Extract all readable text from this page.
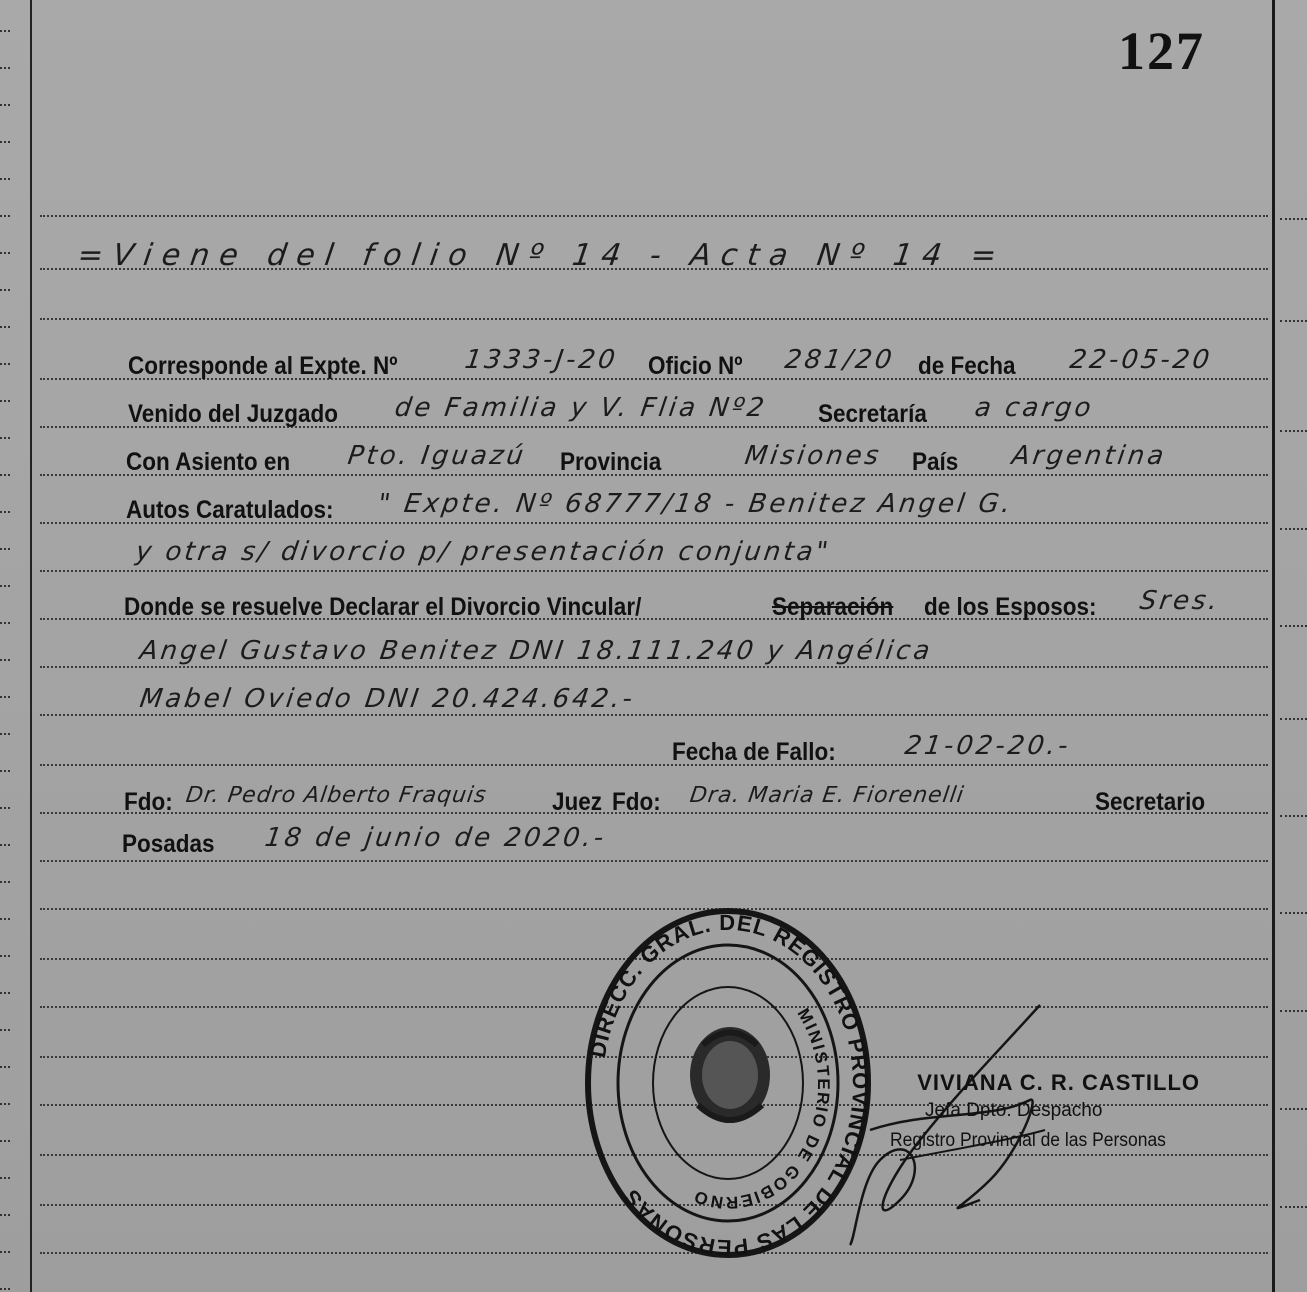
127
=Viene del folio Nº 14 - Acta Nº 14 =
Corresponde al Expte. Nº	1333-J-20 Oficio Nº 281/20 de Fecha 22-05-20
Venido del Juzgado de Familia y V. Flia Nº2 Secretaría a cargo
Con Asiento en Pto. Iguazú Provincia	Misiones País Argentina
Autos Caratulados: " Expte. Nº 68777/18 - Benitez Angel G.
y otra s/ divorcio p/ presentación conjunta"
Donde se resuelve Declarar el Divorcio Vincular/	Separación de los Esposos: Sres.
Angel Gustavo Benitez DNI 18.111.240 y Angélica
Mabel Oviedo DNI 20.424.642.-
Fecha de Fallo:	21-02-20.-
Fdo: Dr. Pedro Alberto Fraquis	Juez Fdo: Dra. Maria E. Fiorenelli	Secretario
Posadas 18 de junio de 2020.-
DIRECC. GRAL. DEL REGISTRO PROVINCIAL DE LAS PERSONAS
MINISTERIO DE GOBIERNO
VIVIANA C. R. CASTILLO
Jefa Dpto. Despacho
Registro Provincial de las Personas
